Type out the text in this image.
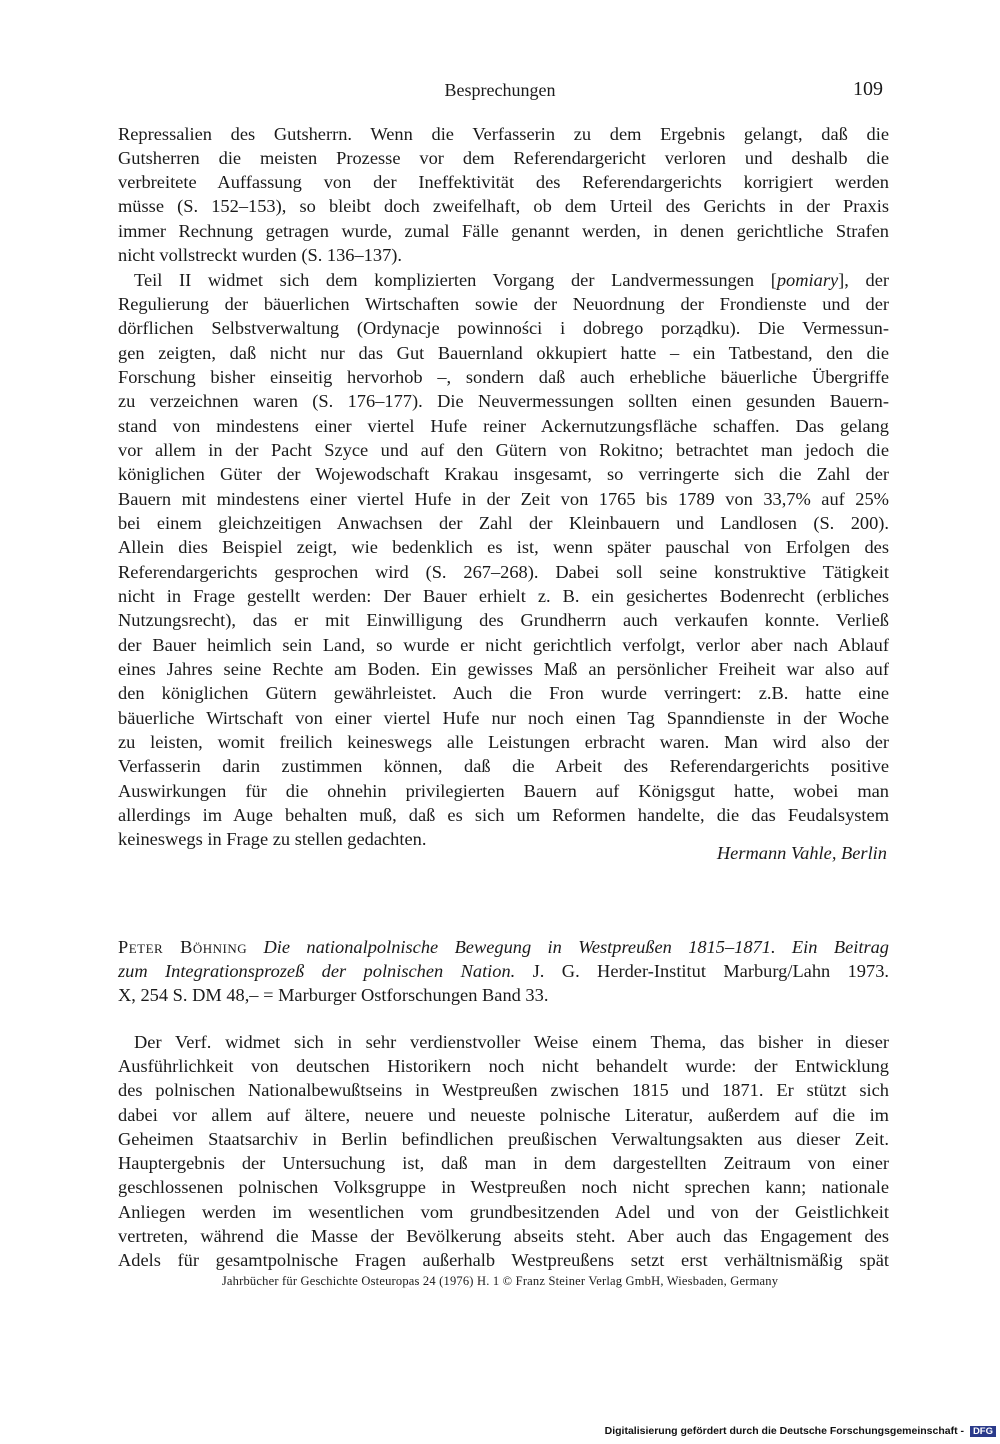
Besprechungen	109
Repressalien des Gutsherrn. Wenn die Verfasserin zu dem Ergebnis gelangt, daß die
Gutsherren die meisten Prozesse vor dem Referendargericht verloren und deshalb die
verbreitete Auffassung von der Ineffektivität des Referendargerichts korrigiert werden
müsse (S. 152–153), so bleibt doch zweifelhaft, ob dem Urteil des Gerichts in der Praxis
immer Rechnung getragen wurde, zumal Fälle genannt werden, in denen gerichtliche Strafen
nicht vollstreckt wurden (S. 136–137).
Teil II widmet sich dem komplizierten Vorgang der Landvermessungen [pomiary], der
Regulierung der bäuerlichen Wirtschaften sowie der Neuordnung der Frondienste und der
dörflichen Selbstverwaltung (Ordynacje powinności i dobrego porządku). Die Vermessun-
gen zeigten, daß nicht nur das Gut Bauernland okkupiert hatte – ein Tatbestand, den die
Forschung bisher einseitig hervorhob –, sondern daß auch erhebliche bäuerliche Übergriffe
zu verzeichnen waren (S. 176–177). Die Neuvermessungen sollten einen gesunden Bauern-
stand von mindestens einer viertel Hufe reiner Ackernutzungsfläche schaffen. Das gelang
vor allem in der Pacht Szyce und auf den Gütern von Rokitno; betrachtet man jedoch die
königlichen Güter der Wojewodschaft Krakau insgesamt, so verringerte sich die Zahl der
Bauern mit mindestens einer viertel Hufe in der Zeit von 1765 bis 1789 von 33,7% auf 25%
bei einem gleichzeitigen Anwachsen der Zahl der Kleinbauern und Landlosen (S. 200).
Allein dies Beispiel zeigt, wie bedenklich es ist, wenn später pauschal von Erfolgen des
Referendargerichts gesprochen wird (S. 267–268). Dabei soll seine konstruktive Tätigkeit
nicht in Frage gestellt werden: Der Bauer erhielt z. B. ein gesichertes Bodenrecht (erbliches
Nutzungsrecht), das er mit Einwilligung des Grundherrn auch verkaufen konnte. Verließ
der Bauer heimlich sein Land, so wurde er nicht gerichtlich verfolgt, verlor aber nach Ablauf
eines Jahres seine Rechte am Boden. Ein gewisses Maß an persönlicher Freiheit war also auf
den königlichen Gütern gewährleistet. Auch die Fron wurde verringert: z.B. hatte eine
bäuerliche Wirtschaft von einer viertel Hufe nur noch einen Tag Spanndienste in der Woche
zu leisten, womit freilich keineswegs alle Leistungen erbracht waren. Man wird also der
Verfasserin darin zustimmen können, daß die Arbeit des Referendargerichts positive
Auswirkungen für die ohnehin privilegierten Bauern auf Königsgut hatte, wobei man
allerdings im Auge behalten muß, daß es sich um Reformen handelte, die das Feudalsystem
keineswegs in Frage zu stellen gedachten.
Hermann Vahle, Berlin
Peter Böhning Die nationalpolnische Bewegung in Westpreußen 1815–1871. Ein Beitrag
zum Integrationsprozeß der polnischen Nation. J. G. Herder-Institut Marburg/Lahn 1973.
X, 254 S. DM 48,– = Marburger Ostforschungen Band 33.
Der Verf. widmet sich in sehr verdienstvoller Weise einem Thema, das bisher in dieser
Ausführlichkeit von deutschen Historikern noch nicht behandelt wurde: der Entwicklung
des polnischen Nationalbewußtseins in Westpreußen zwischen 1815 und 1871. Er stützt sich
dabei vor allem auf ältere, neuere und neueste polnische Literatur, außerdem auf die im
Geheimen Staatsarchiv in Berlin befindlichen preußischen Verwaltungsakten aus dieser Zeit.
Hauptergebnis der Untersuchung ist, daß man in dem dargestellten Zeitraum von einer
geschlossenen polnischen Volksgruppe in Westpreußen noch nicht sprechen kann; nationale
Anliegen werden im wesentlichen vom grundbesitzenden Adel und von der Geistlichkeit
vertreten, während die Masse der Bevölkerung abseits steht. Aber auch das Engagement des
Adels für gesamtpolnische Fragen außerhalb Westpreußens setzt erst verhältnismäßig spät
Jahrbücher für Geschichte Osteuropas 24 (1976) H. 1 © Franz Steiner Verlag GmbH, Wiesbaden, Germany
Digitalisierung gefördert durch die Deutsche Forschungsgemeinschaft - DFG
